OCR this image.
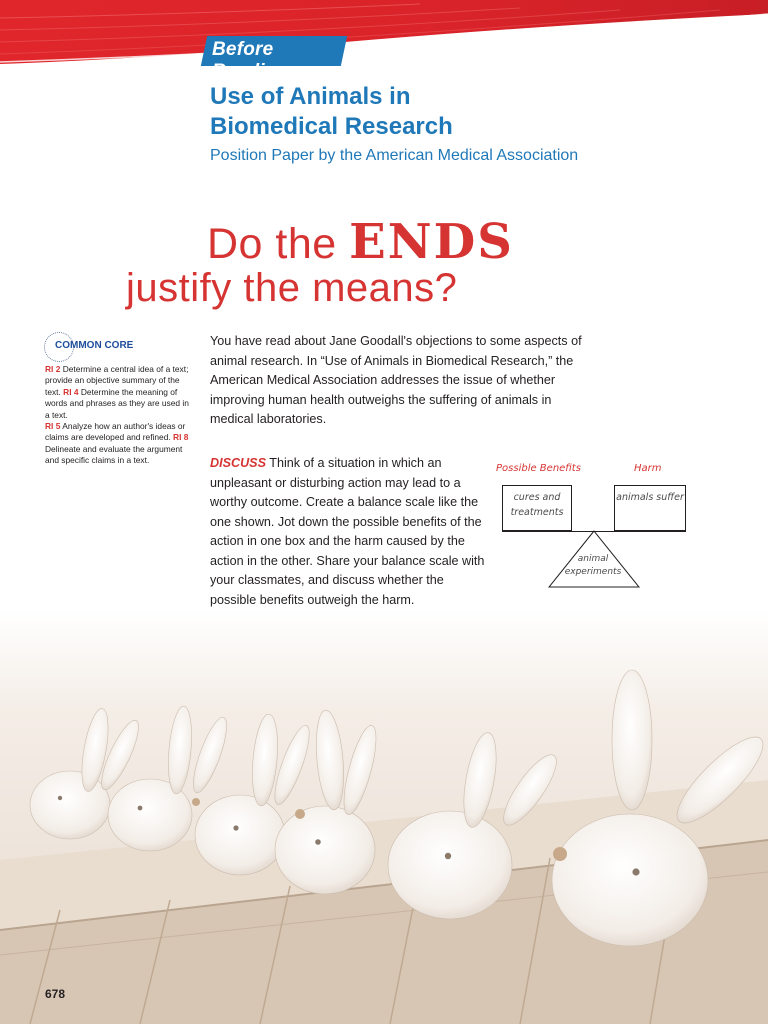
Before Reading
Use of Animals in
Biomedical Research
Position Paper by the American Medical Association
Do the ENDS
justify the means?
COMMON CORE
RI 2 Determine a central idea of a text; provide an objective summary of the text. RI 4 Determine the meaning of words and phrases as they are used in a text.
RI 5 Analyze how an author's ideas or claims are developed and refined. RI 8 Delineate and evaluate the argument and specific claims in a text.

You have read about Jane Goodall's objections to some aspects of animal research. In “Use of Animals in Biomedical Research,” the American Medical Association addresses the issue of whether improving human health outweighs the suffering of animals in medical laboratories.

DISCUSS Think of a situation in which an unpleasant or disturbing action may lead to a worthy outcome. Create a balance scale like the one shown. Jot down the possible benefits of the action in one box and the harm caused by the action in the other. Share your balance scale with your classmates, and discuss whether the possible benefits outweigh the harm.

Possible Benefits	Harm
cures and treatments
animals suffer
animal experiments
678
